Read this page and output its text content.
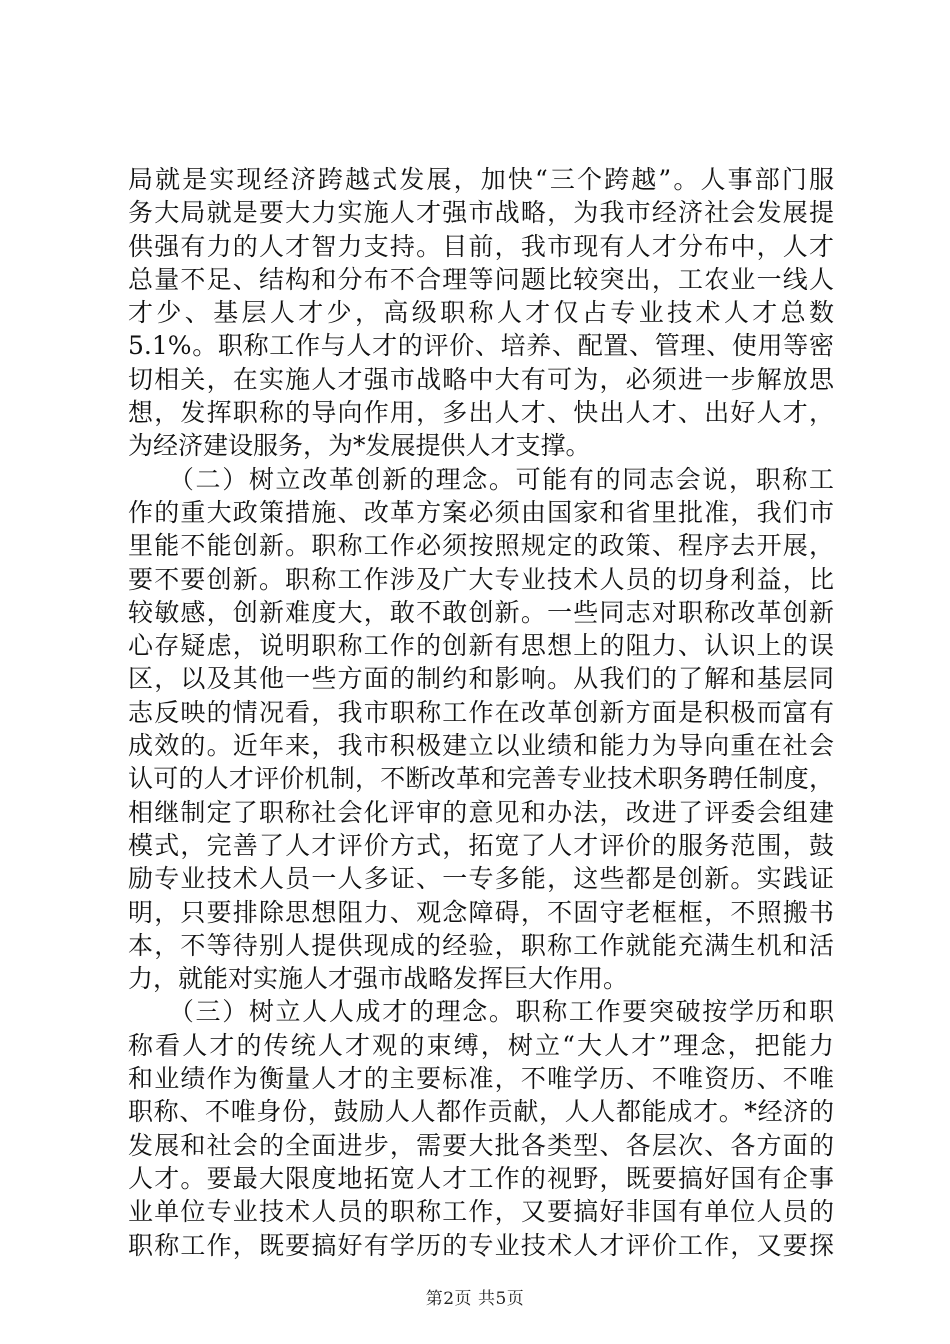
局就是实现经济跨越式发展，加快“三个跨越”。人事部门服
务大局就是要大力实施人才强市战略，为我市经济社会发展提
供强有力的人才智力支持。目前，我市现有人才分布中，人才
总量不足、结构和分布不合理等问题比较突出，工农业一线人
才少、基层人才少，高级职称人才仅占专业技术人才总数
5.1%。职称工作与人才的评价、培养、配置、管理、使用等密
切相关，在实施人才强市战略中大有可为，必须进一步解放思
想，发挥职称的导向作用，多出人才、快出人才、出好人才，
为经济建设服务，为*发展提供人才支撑。
　　（二）树立改革创新的理念。可能有的同志会说，职称工
作的重大政策措施、改革方案必须由国家和省里批准，我们市
里能不能创新。职称工作必须按照规定的政策、程序去开展，
要不要创新。职称工作涉及广大专业技术人员的切身利益，比
较敏感，创新难度大，敢不敢创新。一些同志对职称改革创新
心存疑虑，说明职称工作的创新有思想上的阻力、认识上的误
区，以及其他一些方面的制约和影响。从我们的了解和基层同
志反映的情况看，我市职称工作在改革创新方面是积极而富有
成效的。近年来，我市积极建立以业绩和能力为导向重在社会
认可的人才评价机制，不断改革和完善专业技术职务聘任制度，
相继制定了职称社会化评审的意见和办法，改进了评委会组建
模式，完善了人才评价方式，拓宽了人才评价的服务范围，鼓
励专业技术人员一人多证、一专多能，这些都是创新。实践证
明，只要排除思想阻力、观念障碍，不固守老框框，不照搬书
本，不等待别人提供现成的经验，职称工作就能充满生机和活
力，就能对实施人才强市战略发挥巨大作用。
　　（三）树立人人成才的理念。职称工作要突破按学历和职
称看人才的传统人才观的束缚，树立“大人才”理念，把能力
和业绩作为衡量人才的主要标准，不唯学历、不唯资历、不唯
职称、不唯身份，鼓励人人都作贡献，人人都能成才。*经济的
发展和社会的全面进步，需要大批各类型、各层次、各方面的
人才。要最大限度地拓宽人才工作的视野，既要搞好国有企事
业单位专业技术人员的职称工作，又要搞好非国有单位人员的
职称工作，既要搞好有学历的专业技术人才评价工作，又要探
第2页 共5页
